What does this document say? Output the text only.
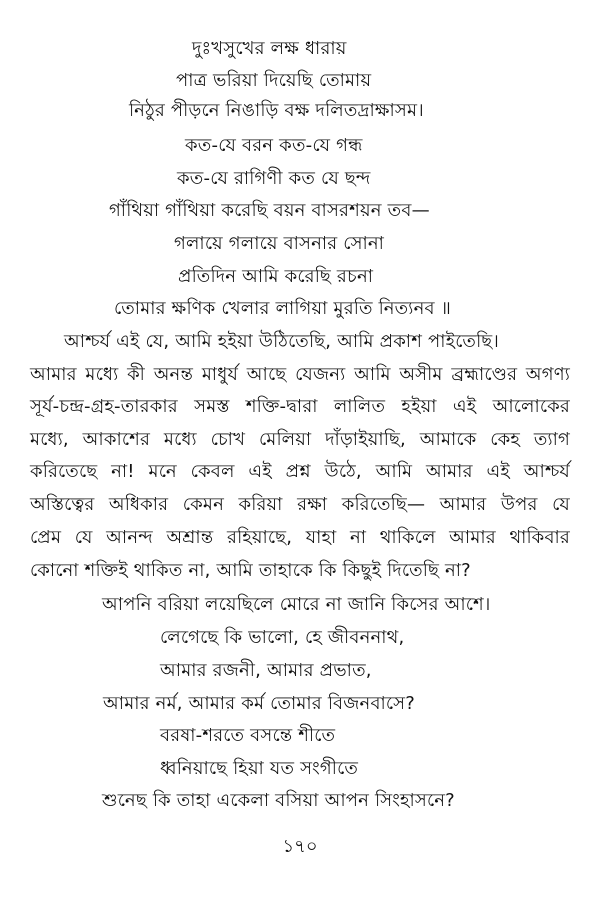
দুঃখসুখের লক্ষ ধারায়
পাত্র ভরিয়া দিয়েছি তোমায়
নিঠুর পীড়নে নিঙাড়ি বক্ষ দলিতদ্রাক্ষাসম।
কত-যে বরন কত-যে গন্ধ
কত-যে রাগিণী কত যে ছন্দ
গাঁথিয়া গাঁথিয়া করেছি বয়ন বাসরশয়ন তব—
গলায়ে গলায়ে বাসনার সোনা
প্রতিদিন আমি করেছি রচনা
তোমার ক্ষণিক খেলার লাগিয়া মুরতি নিত্যনব ॥
আশ্চর্য এই যে, আমি হইয়া উঠিতেছি, আমি প্রকাশ পাইতেছি।
আমার মধ্যে কী অনন্ত মাধুর্য আছে যেজন্য আমি অসীম ব্রহ্মাণ্ডের অগণ্য
সূর্য-চন্দ্র-গ্রহ-তারকার সমস্ত শক্তি-দ্বারা লালিত হইয়া এই আলোকের
মধ্যে, আকাশের মধ্যে চোখ মেলিয়া দাঁড়াইয়াছি, আমাকে কেহ ত্যাগ
করিতেছে না! মনে কেবল এই প্রশ্ন উঠে, আমি আমার এই আশ্চর্য
অস্তিত্বের অধিকার কেমন করিয়া রক্ষা করিতেছি— আমার উপর যে
প্রেম যে আনন্দ অশ্রান্ত রহিয়াছে, যাহা না থাকিলে আমার থাকিবার
কোনো শক্তিই থাকিত না, আমি তাহাকে কি কিছুই দিতেছি না?
আপনি বরিয়া লয়েছিলে মোরে না জানি কিসের আশে।
লেগেছে কি ভালো, হে জীবননাথ,
আমার রজনী, আমার প্রভাত,
আমার নর্ম, আমার কর্ম তোমার বিজনবাসে?
বরষা-শরতে বসন্তে শীতে
ধ্বনিয়াছে হিয়া যত সংগীতে
শুনেছ কি তাহা একেলা বসিয়া আপন সিংহাসনে?
১৭০
